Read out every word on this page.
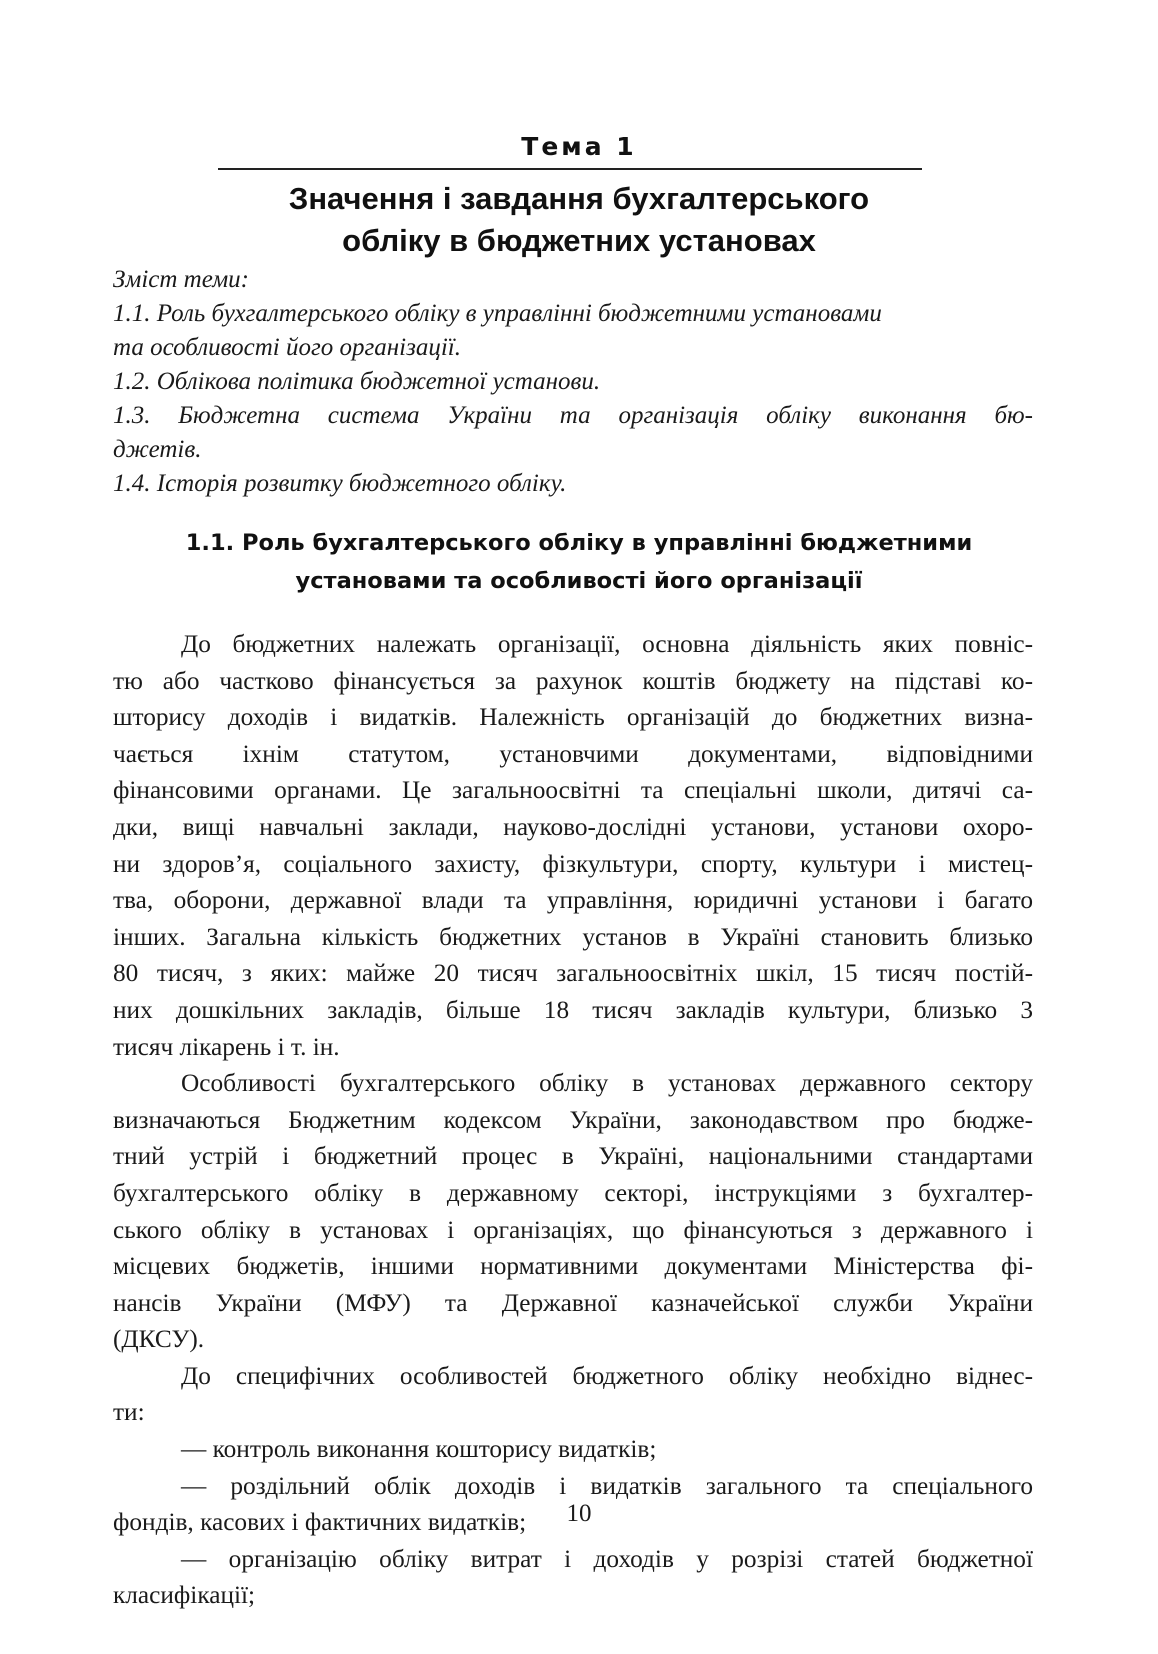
Тема 1
Значення і завдання бухгалтерського
обліку в бюджетних установах
Зміст теми:
1.1. Роль бухгалтерського обліку в управлінні бюджетними установами
та особливості його організації.
1.2. Облікова політика бюджетної установи.
1.3. Бюджетна система України та організація обліку виконання бю-
джетів.
1.4. Історія розвитку бюджетного обліку.
1.1. Роль бухгалтерського обліку в управлінні бюджетними
установами та особливості його організації
До бюджетних належать організації, основна діяльність яких повніс-
тю або частково фінансується за рахунок коштів бюджету на підставі ко-
шторису доходів і видатків. Належність організацій до бюджетних визна-
чається іхнім статутом, установчими документами, відповідними
фінансовими органами. Це загальноосвітні та спеціальні школи, дитячі са-
дки, вищі навчальні заклади, науково-дослідні установи, установи охоро-
ни здоров’я, соціального захисту, фізкультури, спорту, культури і мистец-
тва, оборони, державної влади та управління, юридичні установи і багато
інших. Загальна кількість бюджетних установ в Україні становить близько
80 тисяч, з яких: майже 20 тисяч загальноосвітніх шкіл, 15 тисяч постій-
них дошкільних закладів, більше 18 тисяч закладів культури, близько 3
тисяч лікарень і т. ін.
Особливості бухгалтерського обліку в установах державного сектору
визначаються Бюджетним кодексом України, законодавством про бюдже-
тний устрій і бюджетний процес в Україні, національними стандартами
бухгалтерського обліку в державному секторі, інструкціями з бухгалтер-
ського обліку в установах і організаціях, що фінансуються з державного і
місцевих бюджетів, іншими нормативними документами Міністерства фі-
нансів України (МФУ) та Державної казначейської служби України
(ДКСУ).
До специфічних особливостей бюджетного обліку необхідно віднес-
ти:
— контроль виконання кошторису видатків;
— роздільний облік доходів і видатків загального та спеціального
фондів, касових і фактичних видатків;
— організацію обліку витрат і доходів у розрізі статей бюджетної
класифікації;
10
